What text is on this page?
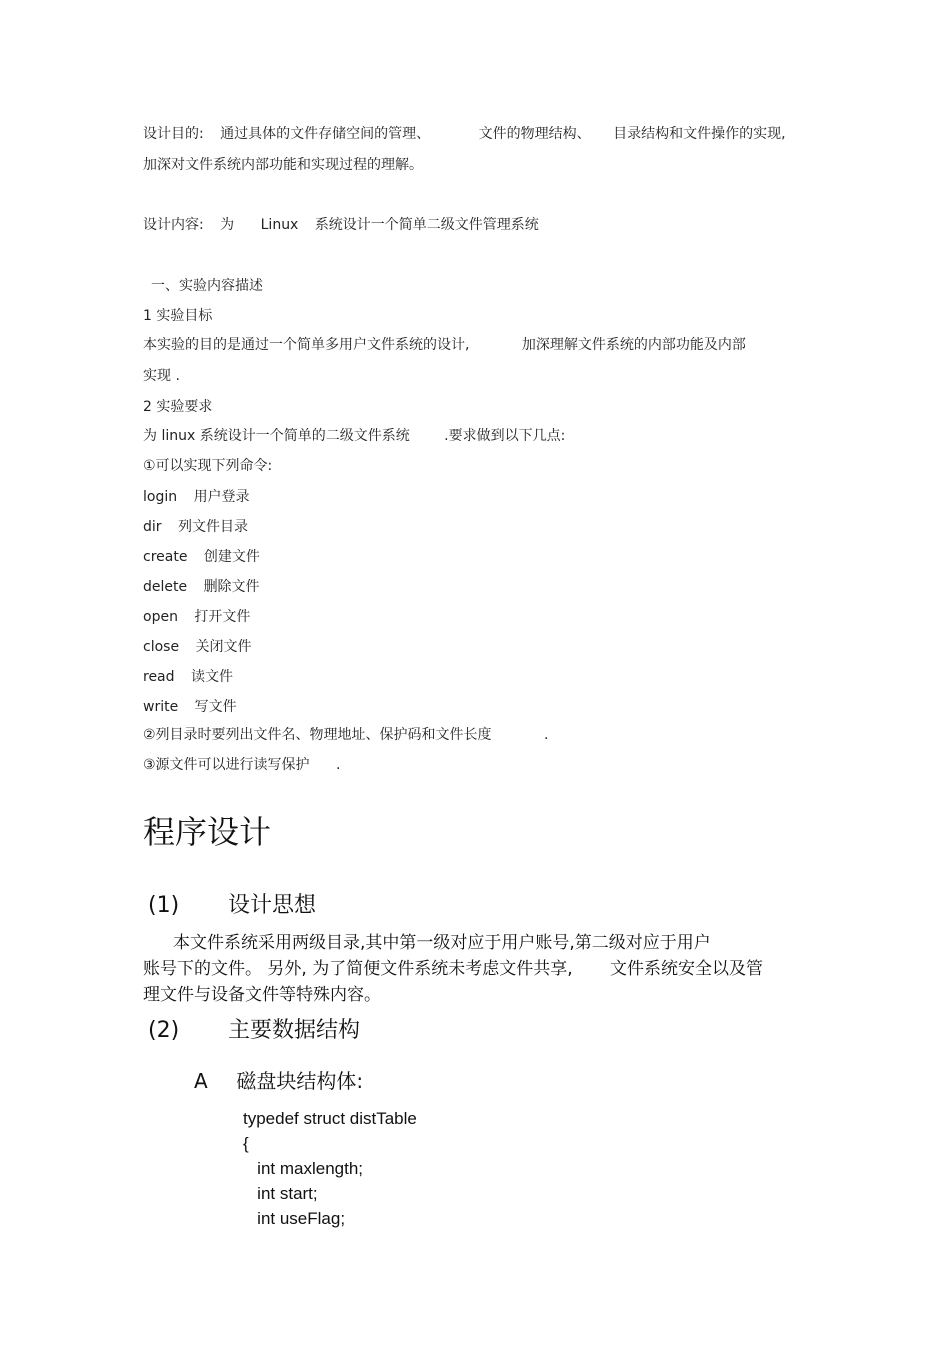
设计目的: 通过具体的文件存储空间的管理、	文件的物理结构、 目录结构和文件操作的实现,
加深对文件系统内部功能和实现过程的理解。
设计内容: 为 Linux 系统设计一个简单二级文件管理系统
一、实验内容描述
1 实验目标
本实验的目的是通过一个简单多用户文件系统的设计,	加深理解文件系统的内部功能及内部
实现 .
2 实验要求
为 linux 系统设计一个简单的二级文件系统 .要求做到以下几点:
①可以实现下列命令:
login 用户登录
dir 列文件目录
create 创建文件
delete 删除文件
open 打开文件
close 关闭文件
read 读文件
write 写文件
②列目录时要列出文件名、物理地址、保护码和文件长度	.
③源文件可以进行读写保护 .
程序设计
(1) 设计思想
本文件系统采用两级目录,其中第一级对应于用户账号,第二级对应于用户
账号下的文件。 另外, 为了简便文件系统未考虑文件共享, 文件系统安全以及管
理文件与设备文件等特殊内容。
(2) 主要数据结构
A 磁盘块结构体:
typedef struct distTable
{
int maxlength;
int start;
int useFlag;
